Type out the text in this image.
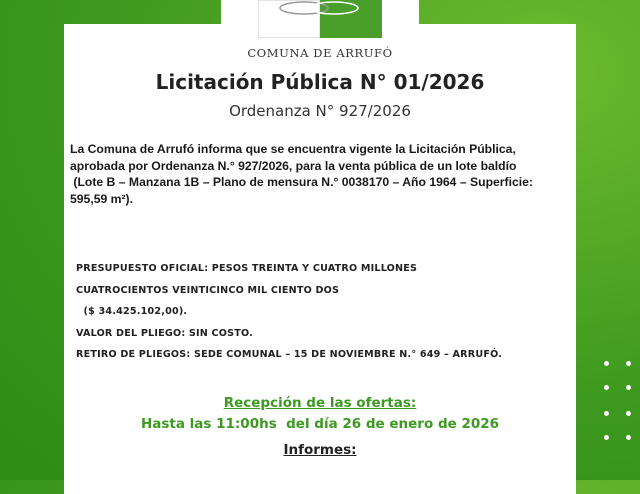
COMUNA DE ARRUFÓ
Licitación Pública N° 01/2026
Ordenanza N° 927/2026

La Comuna de Arrufó informa que se encuentra vigente la Licitación Pública, aprobada por Ordenanza N.° 927/2026, para la venta pública de un lote baldío

(Lote B – Manzana 1B – Plano de mensura N.° 0038170 – Año 1964 – Superficie: 595,59 m²).

PRESUPUESTO OFICIAL: PESOS TREINTA Y CUATRO MILLONES
CUATROCIENTOS VEINTICINCO MIL CIENTO DOS
($ 34.425.102,00).
VALOR DEL PLIEGO: SIN COSTO.
RETIRO DE PLIEGOS: SEDE COMUNAL – 15 DE NOVIEMBRE N.° 649 – ARRUFÓ.
Recepción de las ofertas:
Hasta las 11:00hs  del día 26 de enero de 2026
Informes:
